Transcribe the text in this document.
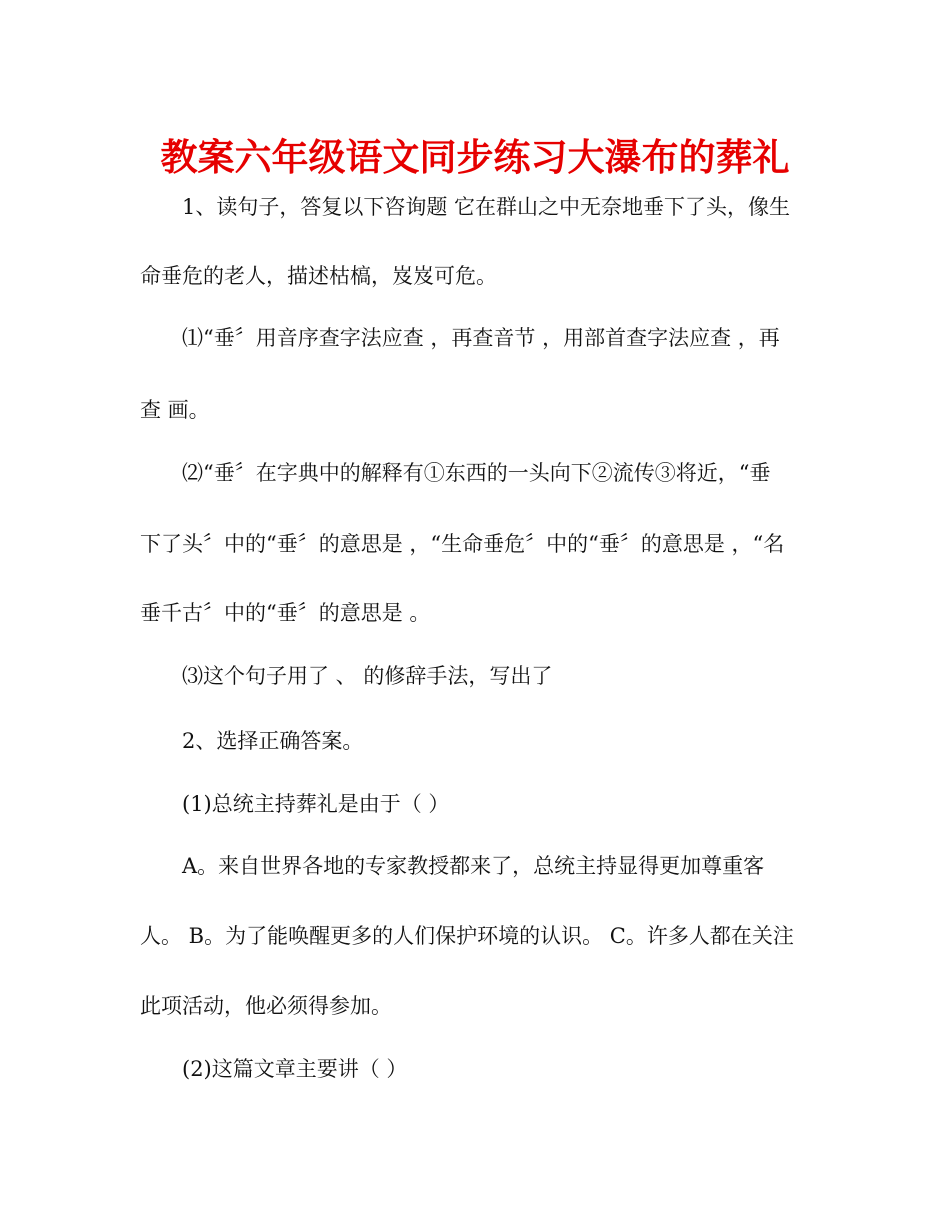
教案六年级语文同步练习大瀑布的葬礼

1、读句子，答复以下咨询题 它在群山之中无奈地垂下了头，像生

命垂危的老人，描述枯槁，岌岌可危。

⑴“垂〞用音序查字法应查 ，再查音节 ，用部首查字法应查 ，再

查 画。

⑵“垂〞在字典中的解释有①东西的一头向下②流传③将近，“垂

下了头〞中的“垂〞的意思是 ，“生命垂危〞中的“垂〞的意思是 ，“名

垂千古〞中的“垂〞的意思是 。

⑶这个句子用了 、 的修辞手法，写出了

2、选择正确答案。

(1)总统主持葬礼是由于（ ）

A。来自世界各地的专家教授都来了，总统主持显得更加尊重客

人。 B。为了能唤醒更多的人们保护环境的认识。 C。许多人都在关注

此项活动，他必须得参加。

(2)这篇文章主要讲（ ）
